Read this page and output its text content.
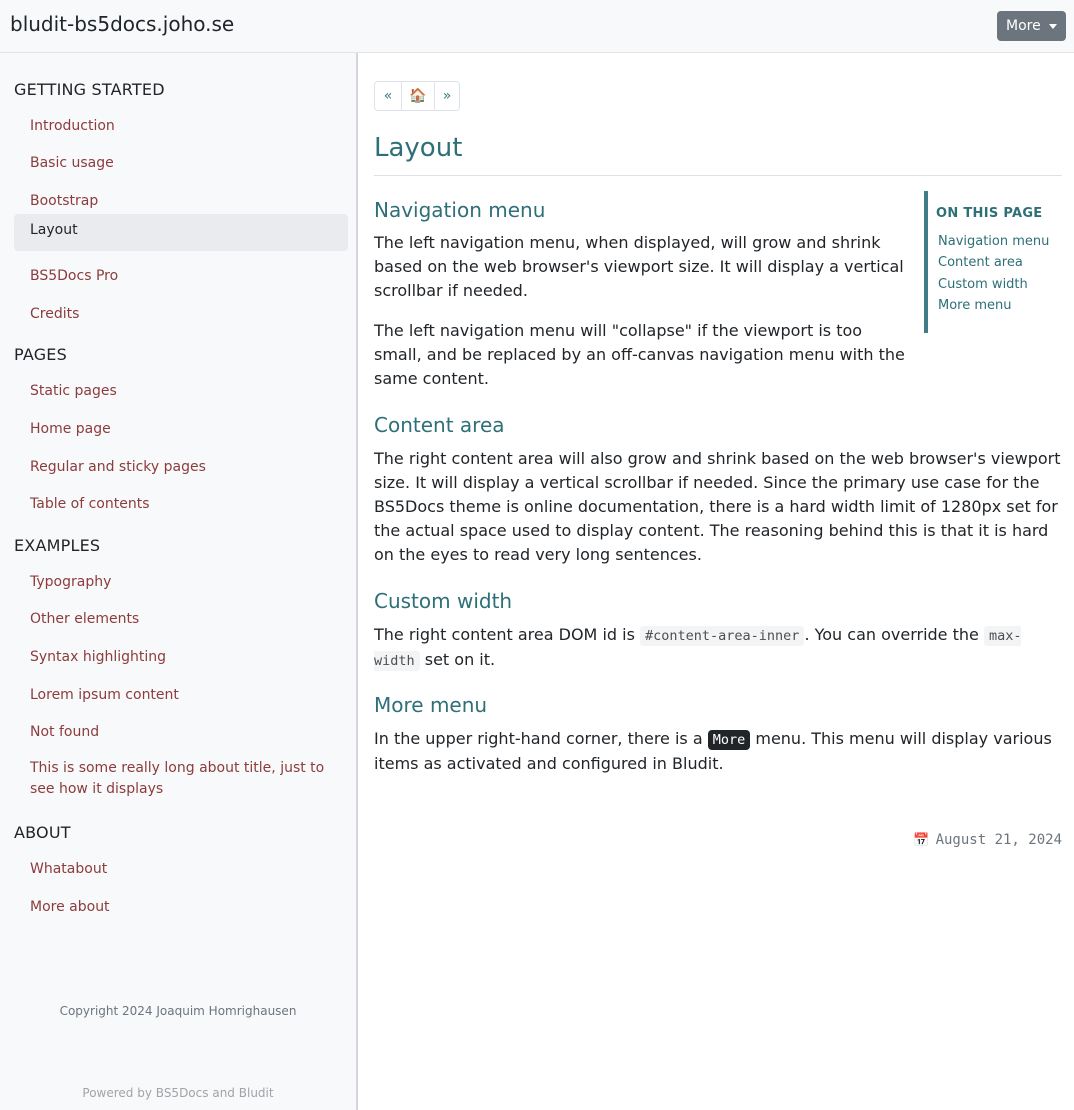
bludit-bs5docs.joho.se	More
GETTING STARTED
Introduction
Basic usage
Bootstrap
Layout
BS5Docs Pro
Credits
PAGES
Static pages
Home page
Regular and sticky pages
Table of contents
EXAMPLES
Typography
Other elements
Syntax highlighting
Lorem ipsum content
Not found
This is some really long about title, just to see how it displays
ABOUT
Whatabout
More about
Copyright 2024 Joaquim Homrighausen
Powered by BS5Docs and Bludit
« 🏠 »
Layout
Navigation menu

The left navigation menu, when displayed, will grow and shrink based on the web browser's viewport size. It will display a vertical scrollbar if needed.

The left navigation menu will "collapse" if the viewport is too small, and be replaced by an off-canvas navigation menu with the same content.

Content area

The right content area will also grow and shrink based on the web browser's viewport size. It will display a vertical scrollbar if needed. Since the primary use case for the BS5Docs theme is online documentation, there is a hard width limit of 1280px set for the actual space used to display content. The reasoning behind this is that it is hard on the eyes to read very long sentences.

Custom width

The right content area DOM id is #content-area-inner . You can override the max-width set on it.

More menu

In the upper right-hand corner, there is a More menu. This menu will display various items as activated and configured in Bludit.

ON THIS PAGE
Navigation menu
Content area
Custom width
More menu
📅 August 21, 2024
